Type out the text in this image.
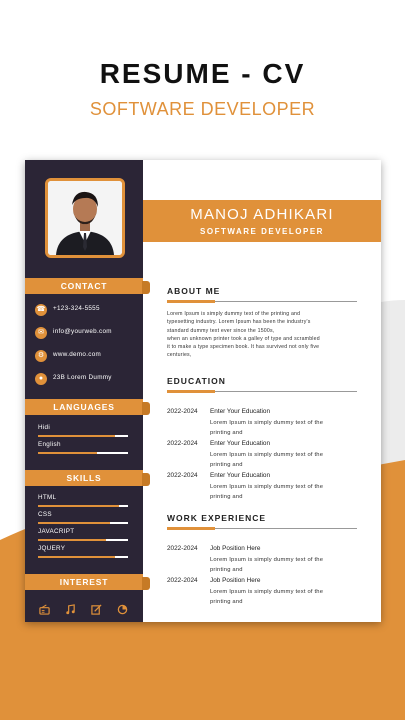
RESUME - CV
SOFTWARE DEVELOPER
CONTACT
☎ +123-324-5555
✉	info@yourweb.com
⚙	www.demo.com
●	23B Lorem Dummy
LANGUAGES
Hidi
English
SKILLS
HTML
CSS
JAVACRIPT
JQUERY
INTEREST
MANOJ ADHIKARI
SOFTWARE DEVELOPER
ABOUT ME
Lorem Ipsum is simply dummy text of the printing and
typesetting industry. Lorem Ipsum has been the industry's
standard dummy text ever since the 1500s,
when an unknown printer took a galley of type and scrambled
it to make a type specimen book. It has survived not only five
centuries,
EDUCATION
2022-2024 Enter Your Education
Lorem Ipsum is simply dummy text of the
printing and
2022-2024 Enter Your Education
Lorem Ipsum is simply dummy text of the
printing and
2022-2024 Enter Your Education
Lorem Ipsum is simply dummy text of the
printing and
WORK EXPERIENCE
2022-2024 Job Position Here
Lorem Ipsum is simply dummy text of the
printing and
2022-2024 Job Position Here
Lorem Ipsum is simply dummy text of the
printing and
